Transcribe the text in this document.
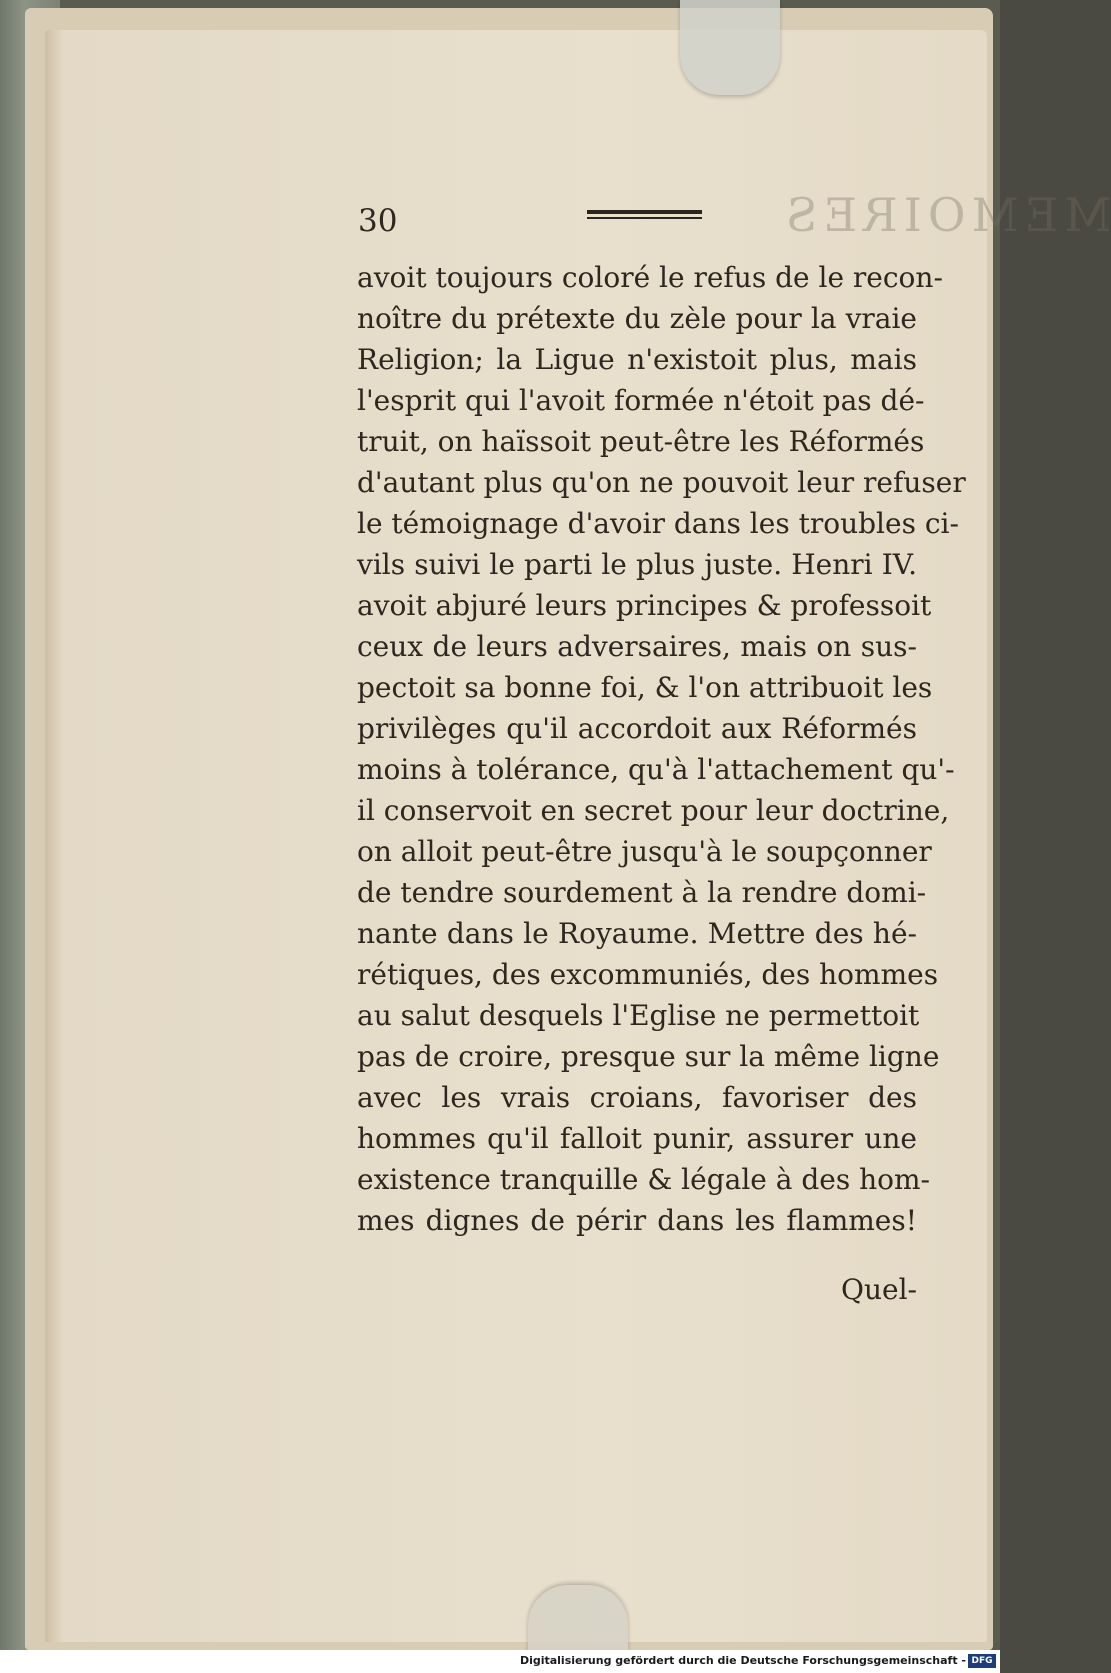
MEMOIRES

30

avoit toujours coloré le refus de le recon-
noître du prétexte du zèle pour la vraie
Religion; la Ligue n'existoit plus, mais
l'esprit qui l'avoit formée n'étoit pas dé-
truit, on haïssoit peut-être les Réformés
d'autant plus qu'on ne pouvoit leur refuser
le témoignage d'avoir dans les troubles ci-
vils suivi le parti le plus juste. Henri IV.
avoit abjuré leurs principes & professoit
ceux de leurs adversaires, mais on sus-
pectoit sa bonne foi, & l'on attribuoit les
privilèges qu'il accordoit aux Réformés
moins à tolérance, qu'à l'attachement qu'-
il conservoit en secret pour leur doctrine,
on alloit peut-être jusqu'à le soupçonner
de tendre sourdement à la rendre domi-
nante dans le Royaume. Mettre des hé-
rétiques, des excommuniés, des hommes
au salut desquels l'Eglise ne permettoit
pas de croire, presque sur la même ligne
avec les vrais croians, favoriser des
hommes qu'il falloit punir, assurer une
existence tranquille & légale à des hom-
mes dignes de périr dans les flammes!

Quel-

Digitalisierung gefördert durch die Deutsche Forschungsgemeinschaft - DFG
